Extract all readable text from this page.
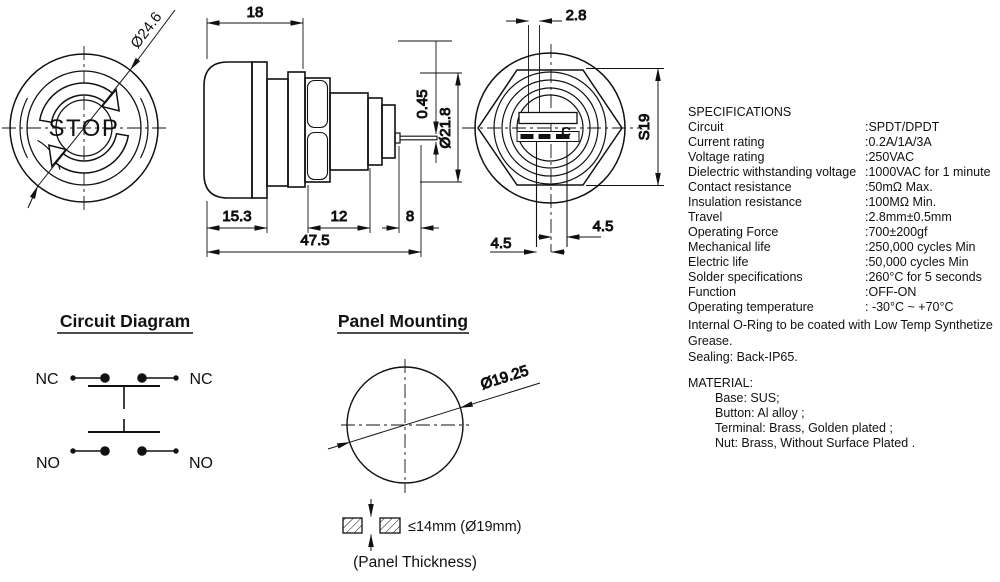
Ø24.6
STOP
18
15.3	12	8
47.5
0.45
Ø21.8	C
2.8
S19
4.5
4.5
Circuit Diagram
NC	NC
NO	NO
Panel Mounting
Ø19.25
≤14mm (Ø19mm)
(Panel Thickness)
SPECIFICATIONS
Circuit	:SPDT/DPDT
Current rating	:0.2A/1A/3A
Voltage rating	:250VAC
Dielectric withstanding voltage :1000VAC for 1 minute
Contact resistance	:50mΩ Max.
Insulation resistance	:100MΩ Min.
Travel	:2.8mm±0.5mm
Operating Force	:700±200gf
Mechanical life	:250,000 cycles Min
Electric life	:50,000 cycles Min
Solder specifications	:260°C for 5 seconds
Function	:OFF-ON
Operating temperature	: -30°C ~ +70°C
Internal O-Ring to be coated with Low Temp Synthetize
Grease.
Sealing: Back-IP65.
MATERIAL:
Base: SUS;
Button: Al alloy ;
Terminal: Brass, Golden plated ;
Nut: Brass, Without Surface Plated .
